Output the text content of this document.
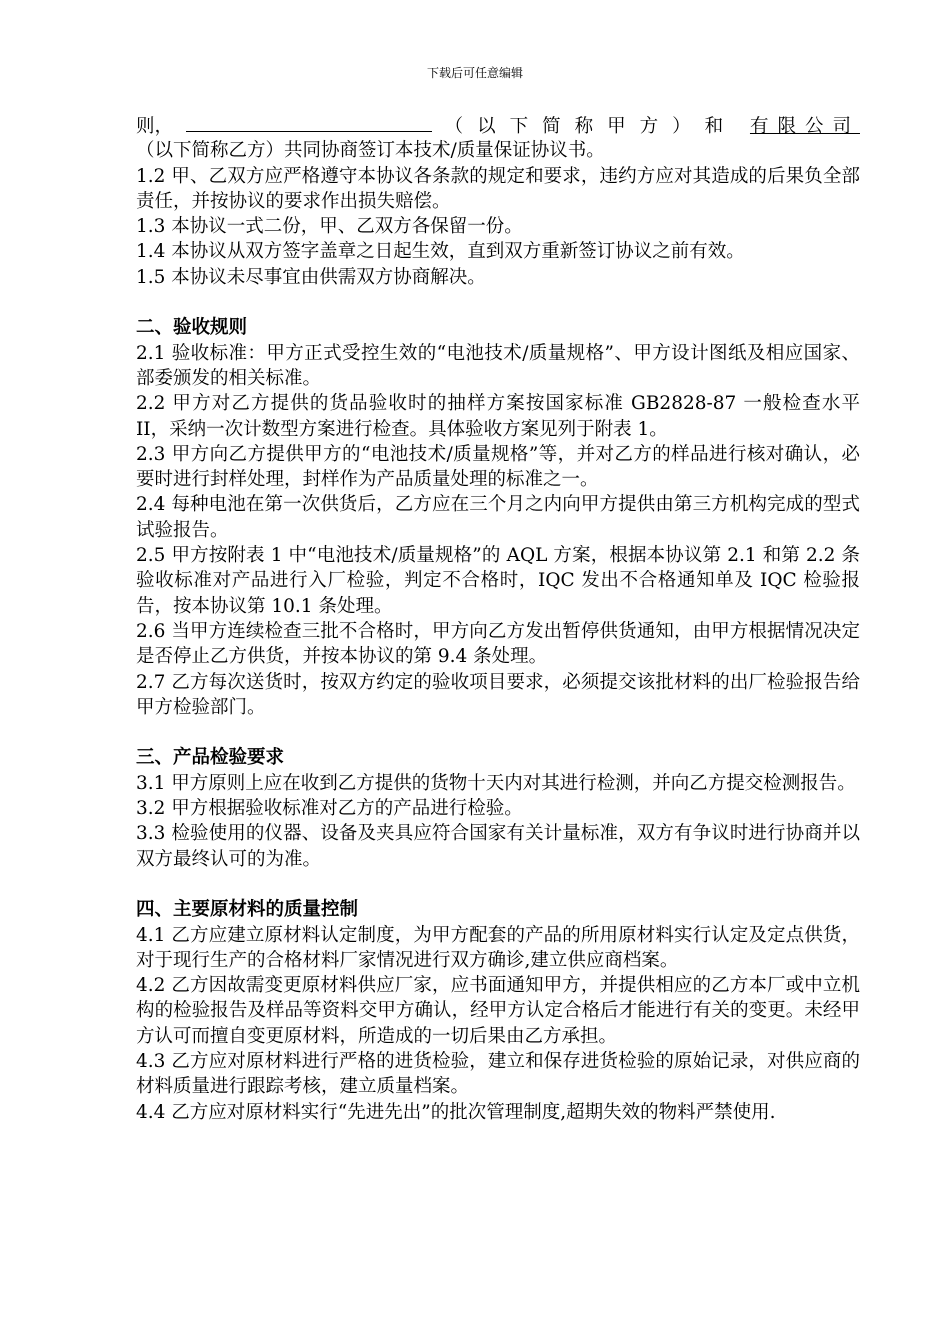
下载后可任意编辑
则，	（以下简称甲方）和 有限公司

（以下简称乙方）共同协商签订本技术/质量保证协议书。

1.2 甲、乙双方应严格遵守本协议各条款的规定和要求，违约方应对其造成的后果负全部责任，并按协议的要求作出损失赔偿。

1.3 本协议一式二份，甲、乙双方各保留一份。

1.4 本协议从双方签字盖章之日起生效，直到双方重新签订协议之前有效。

1.5 本协议未尽事宜由供需双方协商解决。

二、验收规则

2.1 验收标准：甲方正式受控生效的“电池技术/质量规格”、甲方设计图纸及相应国家、部委颁发的相关标准。

2.2 甲方对乙方提供的货品验收时的抽样方案按国家标准 GB2828-87 一般检查水平 II，采纳一次计数型方案进行检查。具体验收方案见列于附表 1。

2.3 甲方向乙方提供甲方的“电池技术/质量规格”等，并对乙方的样品进行核对确认，必要时进行封样处理，封样作为产品质量处理的标准之一。

2.4 每种电池在第一次供货后，乙方应在三个月之内向甲方提供由第三方机构完成的型式试验报告。

2.5 甲方按附表 1 中“电池技术/质量规格”的 AQL 方案，根据本协议第 2.1 和第 2.2 条验收标准对产品进行入厂检验，判定不合格时，IQC 发出不合格通知单及 IQC 检验报告，按本协议第 10.1 条处理。

2.6 当甲方连续检查三批不合格时，甲方向乙方发出暂停供货通知，由甲方根据情况决定是否停止乙方供货，并按本协议的第 9.4 条处理。

2.7 乙方每次送货时，按双方约定的验收项目要求，必须提交该批材料的出厂检验报告给甲方检验部门。

三、产品检验要求

3.1 甲方原则上应在收到乙方提供的货物十天内对其进行检测，并向乙方提交检测报告。

3.2 甲方根据验收标准对乙方的产品进行检验。

3.3 检验使用的仪器、设备及夹具应符合国家有关计量标准，双方有争议时进行协商并以双方最终认可的为准。

四、主要原材料的质量控制

4.1 乙方应建立原材料认定制度，为甲方配套的产品的所用原材料实行认定及定点供货，对于现行生产的合格材料厂家情况进行双方确诊,建立供应商档案。

4.2 乙方因故需变更原材料供应厂家，应书面通知甲方，并提供相应的乙方本厂或中立机构的检验报告及样品等资料交甲方确认，经甲方认定合格后才能进行有关的变更。未经甲方认可而擅自变更原材料，所造成的一切后果由乙方承担。

4.3 乙方应对原材料进行严格的进货检验，建立和保存进货检验的原始记录，对供应商的材料质量进行跟踪考核，建立质量档案。

4.4 乙方应对原材料实行“先进先出”的批次管理制度,超期失效的物料严禁使用.
